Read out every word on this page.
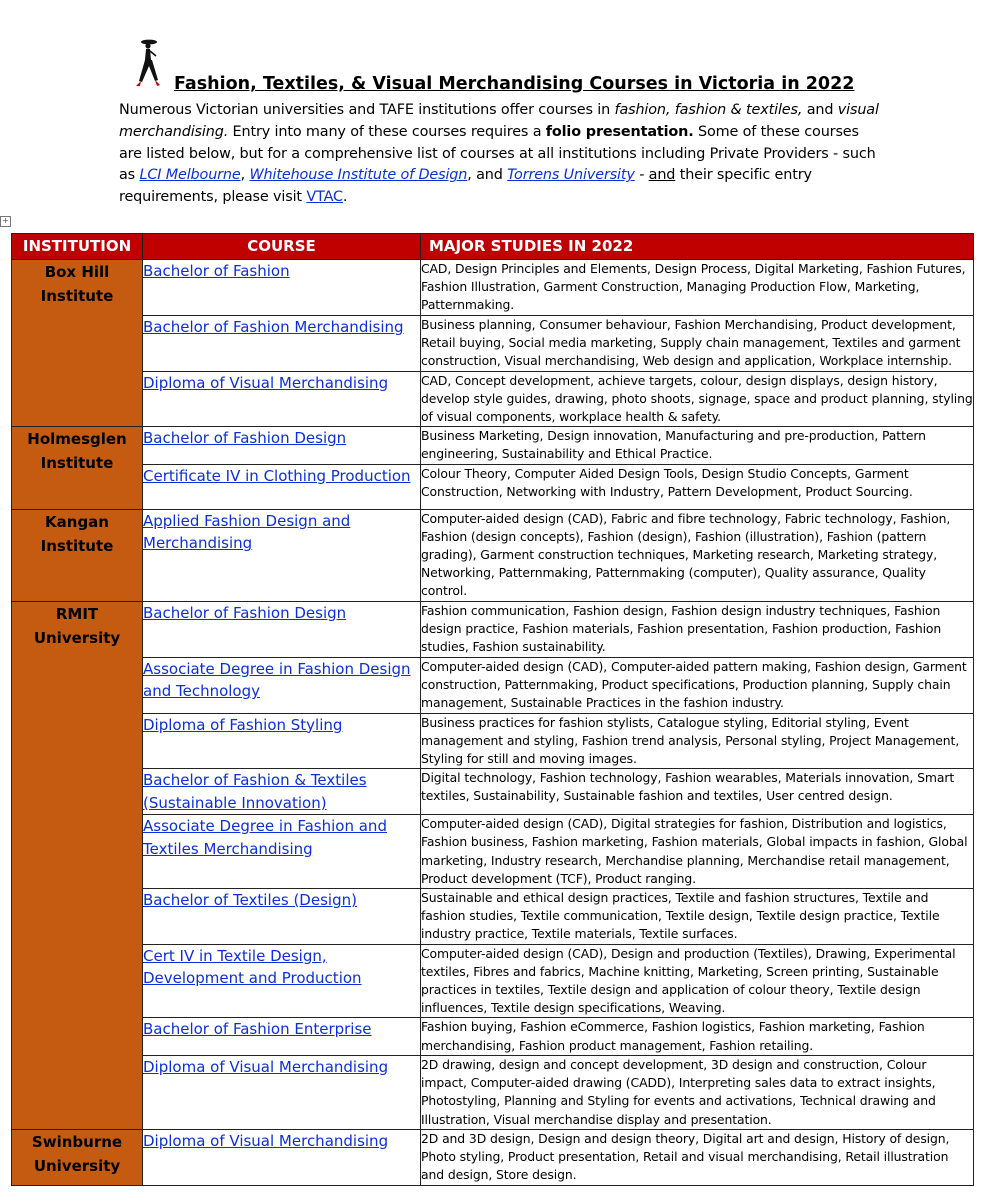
Fashion, Textiles, & Visual Merchandising Courses in Victoria in 2022

Numerous Victorian universities and TAFE institutions offer courses in fashion, fashion & textiles, and visual merchandising. Entry into many of these courses requires a folio presentation. Some of these courses are listed below, but for a comprehensive list of courses at all institutions including Private Providers - such as LCI Melbourne, Whitehouse Institute of Design, and Torrens University - and their specific entry requirements, please visit VTAC.

+
INSTITUTION	COURSE	MAJOR STUDIES IN 2022
Box Hill Institute	Bachelor of Fashion	CAD, Design Principles and Elements, Design Process, Digital Marketing, Fashion Futures, Fashion Illustration, Garment Construction, Managing Production Flow, Marketing, Patternmaking.
	Bachelor of Fashion Merchandising	Business planning, Consumer behaviour, Fashion Merchandising, Product development, Retail buying, Social media marketing, Supply chain management, Textiles and garment construction, Visual merchandising, Web design and application, Workplace internship.
	Diploma of Visual Merchandising	CAD, Concept development, achieve targets, colour, design displays, design history, develop style guides, drawing, photo shoots, signage, space and product planning, styling of visual components, workplace health & safety.
Holmesglen Institute	Bachelor of Fashion Design	Business Marketing, Design innovation, Manufacturing and pre-production, Pattern engineering, Sustainability and Ethical Practice.
	Certificate IV in Clothing Production	Colour Theory, Computer Aided Design Tools, Design Studio Concepts, Garment Construction, Networking with Industry, Pattern Development, Product Sourcing.
Kangan Institute	Applied Fashion Design and Merchandising	Computer-aided design (CAD), Fabric and fibre technology, Fabric technology, Fashion, Fashion (design concepts), Fashion (design), Fashion (illustration), Fashion (pattern grading), Garment construction techniques, Marketing research, Marketing strategy, Networking, Patternmaking, Patternmaking (computer), Quality assurance, Quality control.
RMIT University	Bachelor of Fashion Design	Fashion communication, Fashion design, Fashion design industry techniques, Fashion design practice, Fashion materials, Fashion presentation, Fashion production, Fashion studies, Fashion sustainability.
	Associate Degree in Fashion Design and Technology	Computer-aided design (CAD), Computer-aided pattern making, Fashion design, Garment construction, Patternmaking, Product specifications, Production planning, Supply chain management, Sustainable Practices in the fashion industry.
	Diploma of Fashion Styling	Business practices for fashion stylists, Catalogue styling, Editorial styling, Event management and styling, Fashion trend analysis, Personal styling, Project Management, Styling for still and moving images.
	Bachelor of Fashion & Textiles (Sustainable Innovation)	Digital technology, Fashion technology, Fashion wearables, Materials innovation, Smart textiles, Sustainability, Sustainable fashion and textiles, User centred design.
	Associate Degree in Fashion and Textiles Merchandising	Computer-aided design (CAD), Digital strategies for fashion, Distribution and logistics, Fashion business, Fashion marketing, Fashion materials, Global impacts in fashion, Global marketing, Industry research, Merchandise planning, Merchandise retail management, Product development (TCF), Product ranging.
	Bachelor of Textiles (Design)	Sustainable and ethical design practices, Textile and fashion structures, Textile and fashion studies, Textile communication, Textile design, Textile design practice, Textile industry practice, Textile materials, Textile surfaces.
	Cert IV in Textile Design, Development and Production	Computer-aided design (CAD), Design and production (Textiles), Drawing, Experimental textiles, Fibres and fabrics, Machine knitting, Marketing, Screen printing, Sustainable practices in textiles, Textile design and application of colour theory, Textile design influences, Textile design specifications, Weaving.
	Bachelor of Fashion Enterprise	Fashion buying, Fashion eCommerce, Fashion logistics, Fashion marketing, Fashion merchandising, Fashion product management, Fashion retailing.
	Diploma of Visual Merchandising	2D drawing, design and concept development, 3D design and construction, Colour impact, Computer-aided drawing (CADD), Interpreting sales data to extract insights, Photostyling, Planning and Styling for events and activations, Technical drawing and Illustration, Visual merchandise display and presentation.
Swinburne University	Diploma of Visual Merchandising	2D and 3D design, Design and design theory, Digital art and design, History of design, Photo styling, Product presentation, Retail and visual merchandising, Retail illustration and design, Store design.
